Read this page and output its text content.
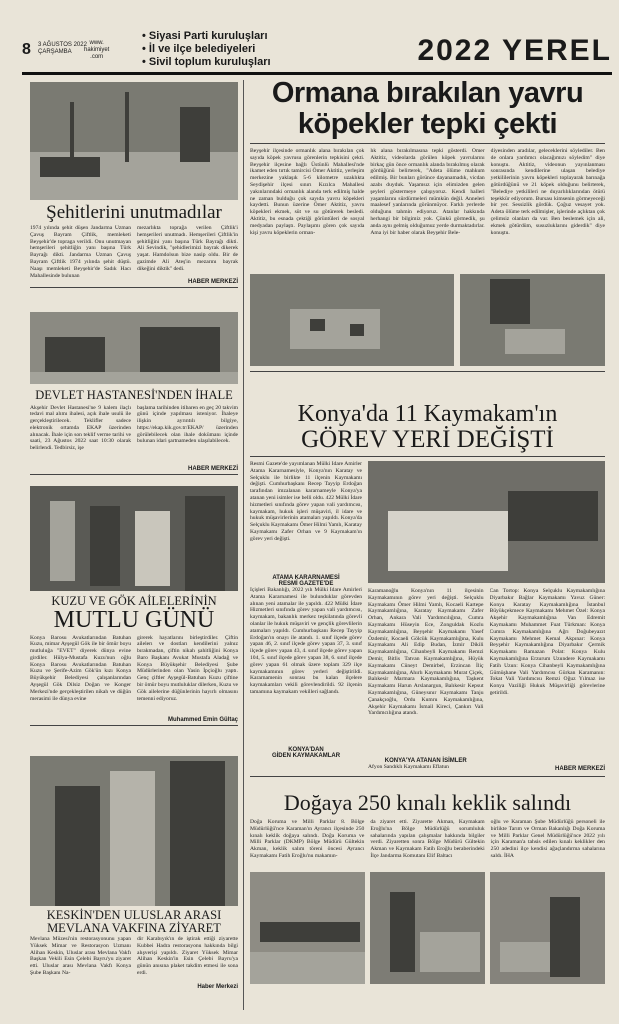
8 3 AĞUSTOS 2022
ÇARŞAMBA
www.
hakimiyet
.com
• Siyasi Parti kuruluşları
• İl ve ilçe belediyeleri
• Sivil toplum kuruluşları	2022 YEREL
Şehitlerini unutmadılar

1974 yılında şehit düşen Jandarma Uzman Çavuş Bayram Çiftlik, memleketi Beyşehir'de topraga verildi. Onu unutmayan hemşerileri şehitliğin yanı başına Türk Bayrağı dikti. Jandarma Uzman Çavuş Bayram Çiftlik 1974 yılında şehit düştü. Naaşı memleketi Beyşehir'de Sadık Hacı Mahallesinde bulunan

mezarlıkta toprağa verilen Çiftlik'i hemşerileri unutmadı. Hemşerileri Çiftlik'in şehitliğini yanı başına Türk Bayrağı dikti. Ali Sevindik, "şehidlerimizi bayrak dikerek yaşat. Hamdolsun bize nasip oldu. Bir de gazimde Ali Ateş'in mezarını bayrak dikeğini diktik" dedi.

HABER MERKEZİ
DEVLET HASTANESİ'NDEN İHALE

Akşehir Devlet Hastanesi'ne 9 kalem ilaçlı tedavi mal alımı ihalesi, açık ihale usulü ile gerçekleştirilecek. Teklifler sadece elektronik ortamda EKAP üzerinden alınacak. İhale için son teklif verme tarihi ve saati, 23 Ağustos 2022 saat 10:30 olarak belirlendi. Tedbirsiz, işe

başlama tarihinden itibaren en geç 20 takvim günü içinde yapılması isteniyor. İhaleye ilişkin ayrıntılı bilgiye, https://ekap.kik.gov.tr/EKAP/ üzerinden görülebilecek olan ihale dokümanı içinde bulunan idari şartnameden ulaşılabilecek.

HABER MERKEZİ
KUZU VE GÖK AİLELERİNİN
MUTLU GÜNÜ

Konya Barosu Avukatlarından Batuhan Kuzu, mimar Ayşegül Gök ile bir ömür boyu mutluluğa "EVET" diyerek dünya evine girdiler. Hülya-Mustafa Kuzu'nun oğlu Konya Barosu Avukatlarından Batuhan Kuzu ve Şerife-Azim Gök'ün kızı Konya Büyükşehir Belediyesi çalışanlarından Ayşegül Gök Dilsiz Doğan ve Konger Merkezi'nde gerçekleştirilen nikah ve düğün merasimi ile dünya evine

girerek hayatlarını birleştirdiler. Çiftin ailelerı ve dostları kendilerini yalnız bırakmadan, çiftin nikah şahitliğini Konya Baro Başkanı Avukat Mustafa Aladağ ve Konya Büyükşehir Belediyesi Şube Müdürlerinden olan Yasin İpçioğlu yaptı. Genç çiftler Ayşegül-Batuhan Kuzu çiftine bir ömür boyu mutluluklar dilerken, Kuzu ve Gök ailelerine düğünlerinin hayırlı olmasını temenni ediyoruz.

Muhammed Emin Gültaç
KESKİN'DEN ULUSLAR ARASI
MEVLANA VAKFINA ZİYARET

Mevlana Müzesi'nin restorasyonunu yapan Yüksek Mimar ve Restorasyon Uzmanı Alihan Keskin, Uluslar arası Mevlana Vakfı Başkan Vekili Esin Çelebi Bayru'yu ziyaret etti. Uluslar arası Mevlana Vakfı Konya Şube Başkanı Na-

dir Karabıyık'ın de iştirak ettiği ziyarette Kubbei Hadra restorasyonu hakkında bilgi alışverişi yapıldı. Ziyaret Yüksek Mimar Alihan Keskin'in Esin Çelebi Bayru'ya günün anısına plaket takdim etmesi ile sona erdi.

Haber Merkezi
Ormana bırakılan yavru
köpekler tepki çekti

Beyşehir ilçesinde ormanlık alana bırakılan çok sayıda köpek yavrusu görenlerin tepkisini çekti. Beyşehir ilçesine bağlı Üstünlü Mahallesi'nde ikamet eden tırtık tamircisi Ömer Aktitiz, yerleşim merkezine yaklaşık 5-6 kilometre uzaklıkta Seydişehir ilçesi sınırı Kızılca Mahallesi yakınlarındaki ormanlık alanda terk edilmiş halde ne zaman bulduğu çok sayıda yavru köpekleri kaydetti. Bunun üzerine Ömer Aktitiz, yavru köpekleri ekmek, süt ve su götürerek besledi. Aktitiz, bu esnada çektiği görüntüleri de sosyal medyadan paylaştı. Paylaşımı gören çok sayıda kişi yavru köpeklerin orman-

lık alana bırakılmasına tepki gösterdi. Ömer Aktitiz, videolarda görülen köpek yavrularını birkaç gün önce ormanlık alanda bırakılmış olarak gördüğünü belirterek, "Adeta ölüme mahkum edilmiş. Bir bunları görünce dayanamadık, vicdan azabı duyduk. Yaşamsız için elimizden gelen şeyleri göstermeye çalışıyoruz. Kendi halleri yaşamlarını sürdürmeleri mümkün değil. Anneleri maalesef yanlarında görünmüyor. Farklı yerlerde olduğunu tahmin ediyoruz. Atanlar hakkında herhangi bir bilgimiz yok. Çünkü görmedik, şu anda aynı gelmiş olduğumuz yerde durmaktadırlar. Ama iyi bir haber olarak Beyşehir Bele-

diyesinden aradılar, geleceklerini söylediler. Ben de onlara yardımcı olacağımızı söyledim" diye konuştu. Aktitiz, videonun yayınlanması sonrasında kendilerine ulaşan belediye yetkililerinin yavru köpekleri toplayarak barınağa götürdüğünü ve 21 köpek olduğunu belirterek, "Belediye yetkilileri ne duyarlılıklarından ötürü teşekkür ediyorum. Bursası kimsenin görmeyeceği bir yer. Sessizlik gördük. Çoğuz vesayet yok. Adeta ölüme terk edilmişler, işlerinde açlıktan çok çelimsiz olanları da var. Ben beslemek için ali, ekmek götürdüm, susuzluklarını giderdik" diye konuştu.

Konya'da 11 Kaymakam'ın
GÖREV YERİ DEĞİŞTİ

Resmi Gazete'de yayımlanan Mülki İdare Amirler Atama Kararnamesiyle, Konya'nın Karatay ve Selçuklu ile birlikte 11 ilçenin Kaymakamı değişti. Cumhurbaşkanı Recep Tayyip Erdoğan tarafından imzalanan kararnameyle Konya'ya atanan yeni isimler ise belli oldu. 422 Mülki İdare hizmetleri sınıfında görev yapan vali yardımcısı, kaymakam, hukuk işleri müşaviri, il idare ve hukuk müşavirlerinin atamaları yapıldı. Konya'da Selçuklu Kaymakamı Ömer Hilmi Yamlı, Karatay Kaymakamı Zafer Orhan ve 9 Kaymakam'ın görev yeri değişti.

ATAMA KARARNAMESİ
RESMİ GAZETE'DE

İçişleri Bakanlığı, 2022 yılı Mülki İdare Amirleri Atama Kararnamesi ile bulunduklar görevden alınan yeni atamalar ile yapıldı. 422 Mülki İdare Hizmetleri sınıfında görev yapan vali yardımcısı, kaymakam, bakanlık merkez teşkilatında görevli olanlar ile hukuk müşaviri ve gençlik görevlilerin atamaları yapıldı. Cumhurbaşkanı Recep Tayyip Erdoğan'ın onayı ile atandı. 1. sınıf ilçede görev yapan 46, 2. sınıf ilçede görev yapan 37, 3. sınıf ilçede görev yapan 43, 4. sınıf ilçede görev yapan 104, 5. sınıf ilçede görev yapan 38, 6. sınıf ilçede görev yapan 61 olmak üzere toplam 329 ilçe kaymakamının görev yerleri değiştirildi. Kararnamenin sonrası bu kalan ilçelere kaymakamları vekili görevlendirildi. 92 ilçenin tamamına kaymakam vekilleri sağlandı.

KONYA'DAN
GİDEN KAYMAKAMLAR

Karamanoğlu Konya'nın 11 ilçesinin Kaymakamının görev yeri değişti. Selçuklu Kaymakamı Ömer Hilmi Yamlı, Kocaeli Kartepe Kaymakamlığına, Karatay Kaymakamı Zafer Orhan, Ankara Vali Yardımcılığına, Cumra Kaymakamı Hüseyin Ece, Zonguldak Kozlu Kaymakamlığına, Beyşehir Kaymakamı Yasef Özdemir, Kocaeli Gölcük Kaymakamlığına, Kulu Kaymakamı Ali Edip Budan, İzmir Dikili Kaymakamlığına, Cihanbeyli Kaymakamı Remzi Demir, Bitlis Tatvan Kaymakamlığına, Hüyük Kaymakamı Cüneyt Demirbel, Erzincan İliç Kaymakamlığına, Ahırlı Kaymakamı Murat Çiçek, Balıkesir Marmara Kaymakamlığına, Taşkent Kaymakamı Harun Arslanargun, Balıkesir Kepsut Kaymakamlığına, Güneysınır Kaymakamı Tanju Çanakçıoğlu, Ordu Kumru Kaymakamlığına, Akşehir Kaymakamı İsmail Kireci, Çankırı Vali Yardımcılığına atandı.

KONYA'YA ATANAN İSİMLER

Afyon Sandıklı Kaymakamı Eflatun

Can Tortop: Konya Selçuklu Kaymakamlığına Diyarbakır Bağlar Kaymakamı Yavuz Güner: Konya Karatay Kaymakamlığına İstanbul Büyükçekmece Kaymakamı Mehmet Özel: Konya Akşehir Kaymakamlığına Van Edremit Kaymakamı Muhammet Fuat Türkman: Konya Cumra Kaymakamlığına Ağrı Doğubeyazıt Kaymakamı Mehmet Kemal Akpınar: Konya Beyşehir Kaymakamlığına Diyarbakır Çermik Kaymakamı Ramazan Polat: Konya Kulu Kaymakamlığına Erzurum Uzundere Kaymakamı Fatih Uzun: Konya Cihanbeyli Kaymakamlığına Gümüşhane Vali Yardımcısı Gürkan Karamanın: Tokat Vali Yardımcısı Remzi Oğuz Yılmaz ise Konya Vaziliği Hukuk Müşavirliği görevlerine getirildi.

HABER MERKEZİ
Doğaya 250 kınalı keklik salındı

Doğa Koruma ve Milli Parklar 8. Bölge Müdürlüğü'nce Karaman'ın Ayrancı ilçesinde 250 kınalı keklik doğaya salındı. Doğa Koruma ve Milli Parklar (DKMP) Bölge Müdürü Gültekin Akman, keklik salım töreni öncesi Ayrancı Kaymakamı Fatih Eroğlu'nu makamın-

da ziyaret etti. Ziyarette Akman, Kaymakam Eroğlu'na Bölge Müdürlüğü sorumluluk sahalarında yapılan çalışmalar hakkında bilgiler verdi. Ziyaretten sonra Bölge Müdürü Gültekin Akman ve Kaymakam Fatih Eroğlu beraberindeki İlçe Jandarma Komutanı Elif Baltacı

oğlu ve Karaman Şube Müdürlüğü personeli ile birlikte Tarım ve Orman Bakanlığı Doğa Koruma ve Milli Parklar Genel Müdürlüğü'nce 2022 yılı için Karaman'a tahsis edilen kınalı keklikler den 250 adedini ilçe kendisi ağaçlandırma sahalarına saldı. İHA
